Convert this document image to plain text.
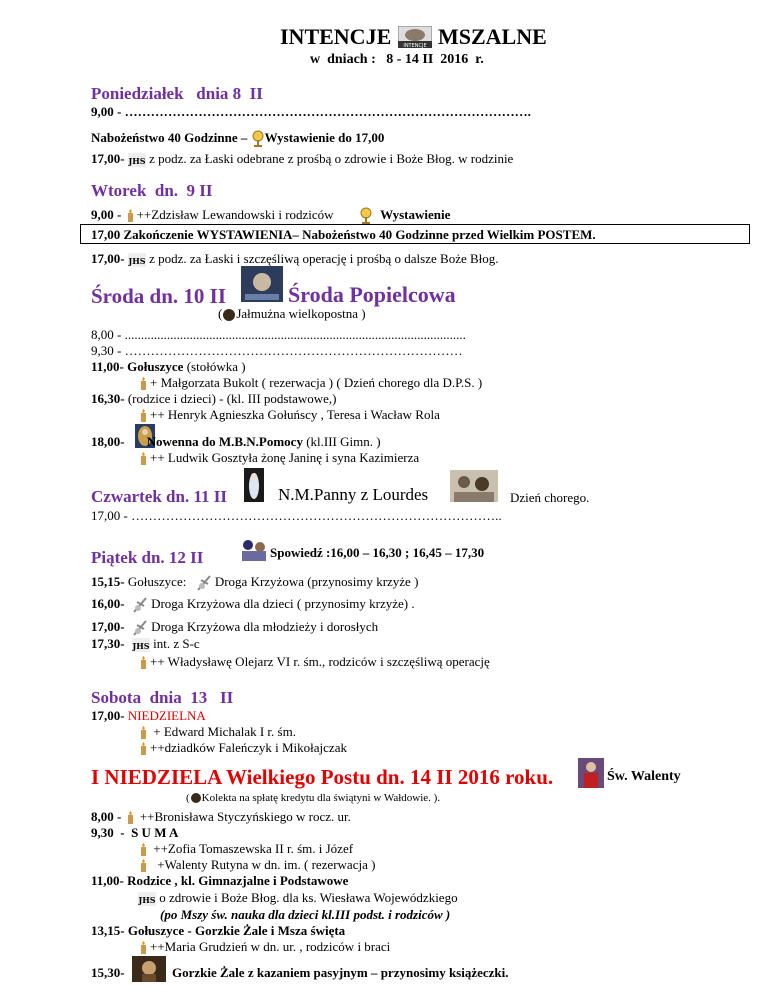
INTENCJE INTENCJE MSZALNE
w  dniach :   8 - 14 II  2016  r.
Poniedziałek   dnia 8  II
9,00 - ………………………………………………………………………………….
Nabożeństwo 40 Godzinne –
Wystawienie do 17,00
17,00- JHS z podz. za Łaski odebrane z prośbą o zdrowie i Boże Błog. w rodzinie
Wtorek  dn.  9 II
9,00 -
++Zdzisław Lewandowski i rodziców	Wystawienie
17,00 Zakończenie WYSTAWIENIA– Nabożeństwo 40 Godzinne przed Wielkim POSTEM.
17,00- JHS z podz. za Łaski i szczęśliwą operację i prośbą o dalsze Boże Błog.
Środa dn. 10 II	Środa Popielcowa
( Jałmużna wielkopostna )
8,00 - .........................................................................................................
9,30 - ……………………………………………………………………
11,00- Gołuszyce (stołówka )
+ Małgorzata Bukolt ( rezerwacja ) ( Dzień chorego dla D.P.S. )
16,30- (rodzice i dzieci) - (kl. III podstawowe,)
++ Henryk Agnieszka Gołuńscy , Teresa i Wacław Rola
18,00- Nowenna do M.B.N.Pomocy (kl.III Gimn. )
++ Ludwik Gosztyła żonę Janinę i syna Kazimierza
Czwartek dn. 11 II	N.M.Panny z Lourdes	Dzień chorego.
17,00 - …………………………………………………………………………..
Piątek dn. 12 II	Spowiedź :16,00 – 16,30 ; 16,45 – 17,30
15,15- Gołuszyce: Droga Krzyżowa (przynosimy krzyże )
16,00- Droga Krzyżowa dla dzieci ( przynosimy krzyże) .
17,00- Droga Krzyżowa dla młodzieży i dorosłych
17,30- JHS int. z S-c
++ Władysławę Olejarz VI r. śm., rodziców i szczęśliwą operację
Sobota  dnia  13   II
17,00- NIEDZIELNA
+ Edward Michalak I r. śm.
++dziadków Faleńczyk i Mikołajczak
I NIEDZIELA Wielkiego Postu dn. 14 II 2016 roku.	Św. Walenty
( Kolekta na spłatę kredytu dla świątyni w Wałdowie. ).
8,00 -
++Bronisława Styczyńskiego w rocz. ur.
9,30  -  S U M A
++Zofia Tomaszewska II r. śm. i Józef
+Walenty Rutyna w dn. im. ( rezerwacja )
11,00- Rodzice , kl. Gimnazjalne i Podstawowe
JHS o zdrowie i Boże Błog. dla ks. Wiesława Wojewódzkiego
(po Mszy św. nauka dla dzieci kl.III podst. i rodziców )
13,15- Gołuszyce - Gorzkie Żale i Msza święta
++Maria Grudzień w dn. ur. , rodziców i braci
15,30-	Gorzkie Żale z kazaniem pasyjnym – przynosimy książeczki.
